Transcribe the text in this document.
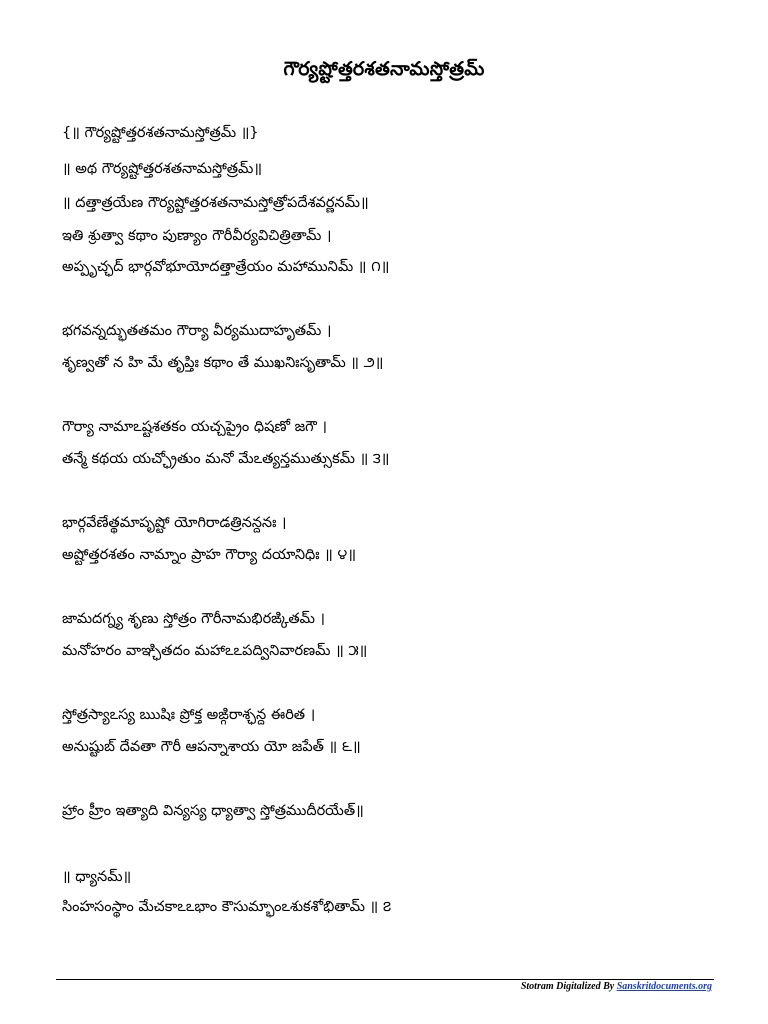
గౌర్యష్టోత్తరశతనామస్తోత్రమ్
{॥ గౌర్యష్టోత్తరశతనామస్తోత్రమ్ ॥}
॥ అథ గౌర్యష్టోత్తరశతనామస్తోత్రమ్॥
॥ దత్తాత్రయేణ గౌర్యష్టోత్తరశతనామస్తోత్రోపదేశవర్ణనమ్॥
ఇతి శ్రుత్వా కథాం పుణ్యాం గౌరీవీర్యవిచిత్రితామ్ ।
అప్పృచ్ఛద్ భార్గవోభూయోదత్తాత్రేయం మహామునిమ్ ॥ ౧॥
భగవన్నద్భుతతమం గౌర్యా వీర్యముదాహృతమ్ ।
శృణ్వతో న హి మే తృప్తిః కథాం తే ముఖనిఃసృతామ్ ॥ ౨॥
గౌర్యా నామాఽష్టశతకం యచ్చప్రైం ధిషణో జగౌ ।
తన్మే కథయ యచ్ఛ్రోతుం మనో మేఽత్యన్తముత్సుకమ్ ॥ ౩॥
భార్గవేణేత్థమాపృష్టో యోగిరాడత్రినన్దనః ।
అష్టోత్తరశతం నామ్నాం ప్రాహ గౌర్యా దయానిధిః ॥ ౪॥
జామదగ్న్య శృణు స్తోత్రం గౌరీనామభిరఙ్కితమ్ ।
మనోహరం వాఞ్ఛితదం మహాఽఽపద్వినివారణమ్ ॥ ౫॥
స్తోత్రస్యాఽస్య ఋషిః ప్రోక్త అఙ్గిరాశ్ఛన్ద ఈరిత ।
అనుష్టుబ్ దేవతా గౌరీ ఆపన్నాశాయ యో జపేత్ ॥ ౬॥
హ్రాం హ్రీం ఇత్యాది విన్యస్య ధ్యాత్వా స్తోత్రముదీరయేత్॥
॥ ధ్యానమ్॥
సింహసంస్థాం మేచకాఽఽభాం కౌసుమ్భాంఽశుకశోభితామ్ ॥ ౭
Stotram Digitalized By Sanskritdocuments.org
